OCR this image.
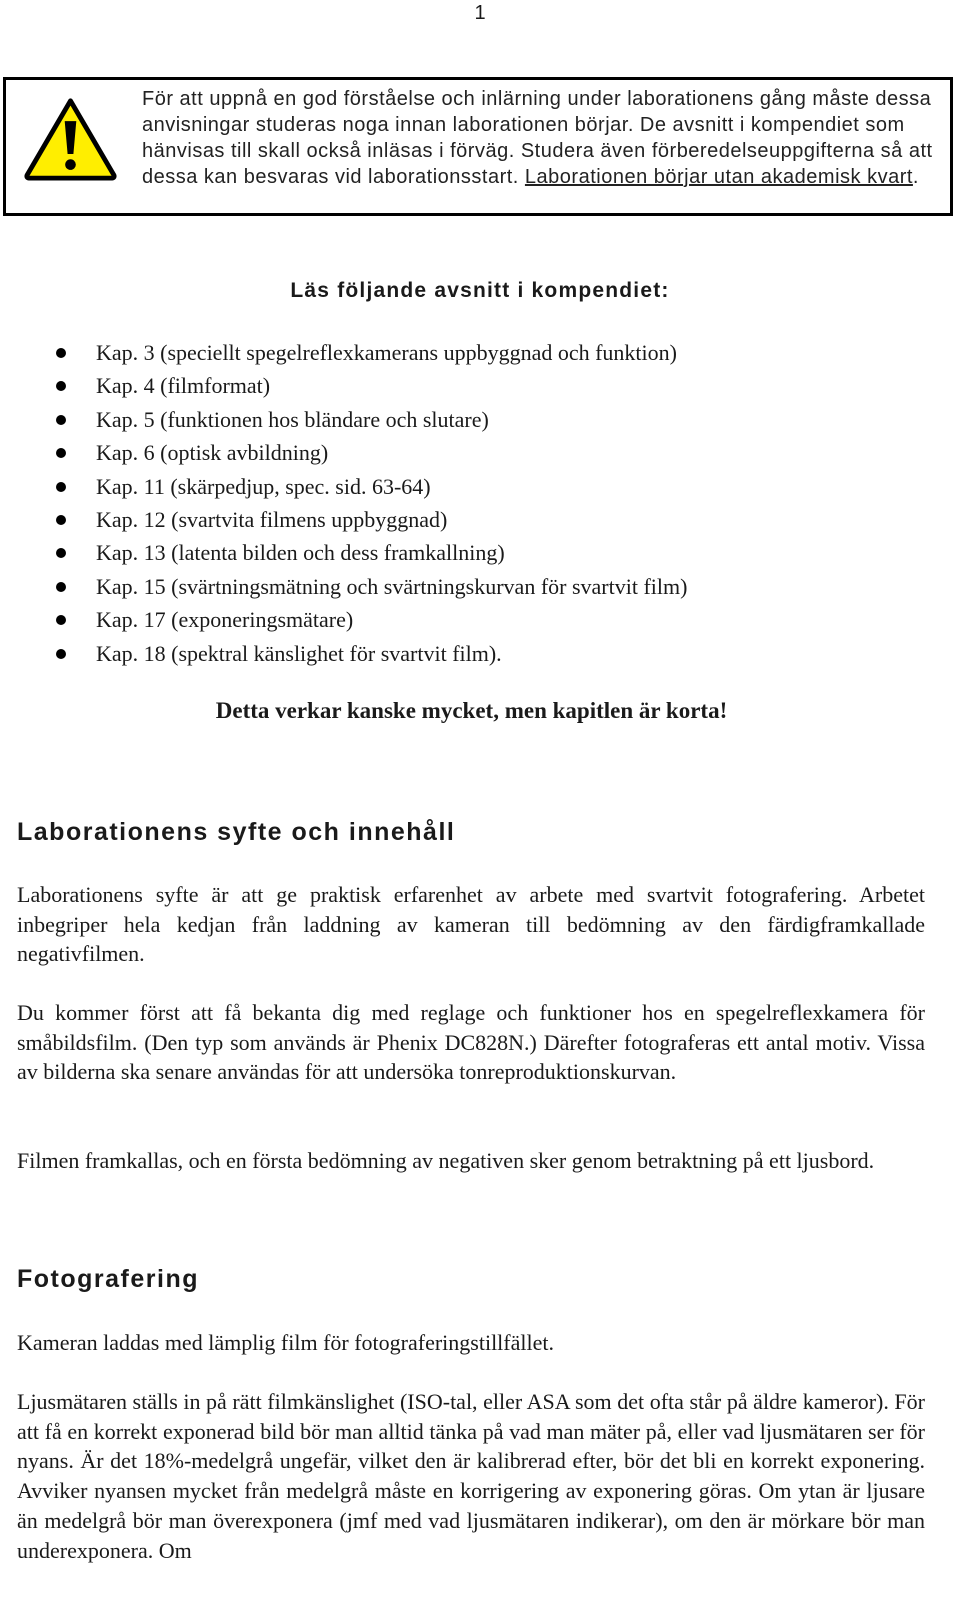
1
För att uppnå en god förståelse och inlärning under laborationens gång måste dessa anvisningar studeras noga innan laborationen börjar. De avsnitt i kompendiet som hänvisas till skall också inläsas i förväg. Studera även förberedelseuppgifterna så att dessa kan besvaras vid laborationsstart. Laborationen börjar utan akademisk kvart.
Läs följande avsnitt i kompendiet:
Kap. 3 (speciellt spegelreflexkamerans uppbyggnad och funktion)
Kap. 4 (filmformat)
Kap. 5 (funktionen hos bländare och slutare)
Kap. 6 (optisk avbildning)
Kap. 11 (skärpedjup, spec. sid. 63-64)
Kap. 12 (svartvita filmens uppbyggnad)
Kap. 13 (latenta bilden och dess framkallning)
Kap. 15 (svärtningsmätning och svärtningskurvan för svartvit film)
Kap. 17 (exponeringsmätare)
Kap. 18 (spektral känslighet för svartvit film).
Detta verkar kanske mycket, men kapitlen är korta!
Laborationens syfte och innehåll
Laborationens syfte är att ge praktisk erfarenhet av arbete med svartvit fotografering. Arbetet inbegriper hela kedjan från laddning av kameran till bedömning av den färdigframkallade negativfilmen.
Du kommer först att få bekanta dig med reglage och funktioner hos en spegelreflexkamera för småbildsfilm. (Den typ som används är Phenix DC828N.) Därefter fotograferas ett antal motiv. Vissa av bilderna ska senare användas för att undersöka tonreproduktionskurvan.
Filmen framkallas, och en första bedömning av negativen sker genom betraktning på ett ljusbord.
Fotografering
Kameran laddas med lämplig film för fotograferingstillfället.
Ljusmätaren ställs in på rätt filmkänslighet (ISO-tal, eller ASA som det ofta står på äldre kameror). För att få en korrekt exponerad bild bör man alltid tänka på vad man mäter på, eller vad ljusmätaren ser för nyans. Är det 18%-medelgrå ungefär, vilket den är kalibrerad efter, bör det bli en korrekt exponering. Avviker nyansen mycket från medelgrå måste en korrigering av exponering göras. Om ytan är ljusare än medelgrå bör man överexponera (jmf med vad ljusmätaren indikerar), om den är mörkare bör man underexponera. Om
